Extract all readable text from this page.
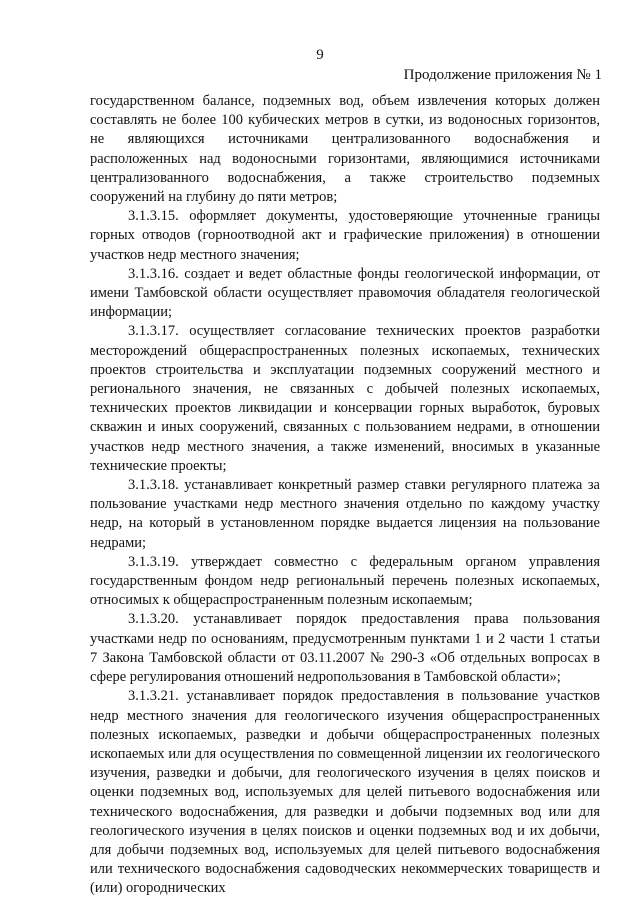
9
Продолжение приложения № 1

государственном балансе, подземных вод, объем извлечения которых должен составлять не более 100 кубических метров в сутки, из водоносных горизонтов, не являющихся источниками централизованного водоснабжения и расположенных над водоносными горизонтами, являющимися источниками централизованного водоснабжения, а также строительство подземных сооружений на глубину до пяти метров;

3.1.3.15. оформляет документы, удостоверяющие уточненные границы горных отводов (горноотводной акт и графические приложения) в отношении участков недр местного значения;

3.1.3.16. создает и ведет областные фонды геологической информации, от имени Тамбовской области осуществляет правомочия обладателя геологической информации;

3.1.3.17. осуществляет согласование технических проектов разработки месторождений общераспространенных полезных ископаемых, технических проектов строительства и эксплуатации подземных сооружений местного и регионального значения, не связанных с добычей полезных ископаемых, технических проектов ликвидации и консервации горных выработок, буровых скважин и иных сооружений, связанных с пользованием недрами, в отношении участков недр местного значения, а также изменений, вносимых в указанные технические проекты;

3.1.3.18. устанавливает конкретный размер ставки регулярного платежа за пользование участками недр местного значения отдельно по каждому участку недр, на который в установленном порядке выдается лицензия на пользование недрами;

3.1.3.19. утверждает совместно с федеральным органом управления государственным фондом недр региональный перечень полезных ископаемых, относимых к общераспространенным полезным ископаемым;

3.1.3.20. устанавливает порядок предоставления права пользования участками недр по основаниям, предусмотренным пунктами 1 и 2 части 1 статьи 7 Закона Тамбовской области от 03.11.2007 № 290-З «Об отдельных вопросах в сфере регулирования отношений недропользования в Тамбовской области»;

3.1.3.21. устанавливает порядок предоставления в пользование участков недр местного значения для геологического изучения общераспространенных полезных ископаемых, разведки и добычи общераспространенных полезных ископаемых или для осуществления по совмещенной лицензии их геологического изучения, разведки и добычи, для геологического изучения в целях поисков и оценки подземных вод, используемых для целей питьевого водоснабжения или технического водоснабжения, для разведки и добычи подземных вод или для геологического изучения в целях поисков и оценки подземных вод и их добычи, для добычи подземных вод, используемых для целей питьевого водоснабжения или технического водоснабжения садоводческих некоммерческих товариществ и (или) огороднических
